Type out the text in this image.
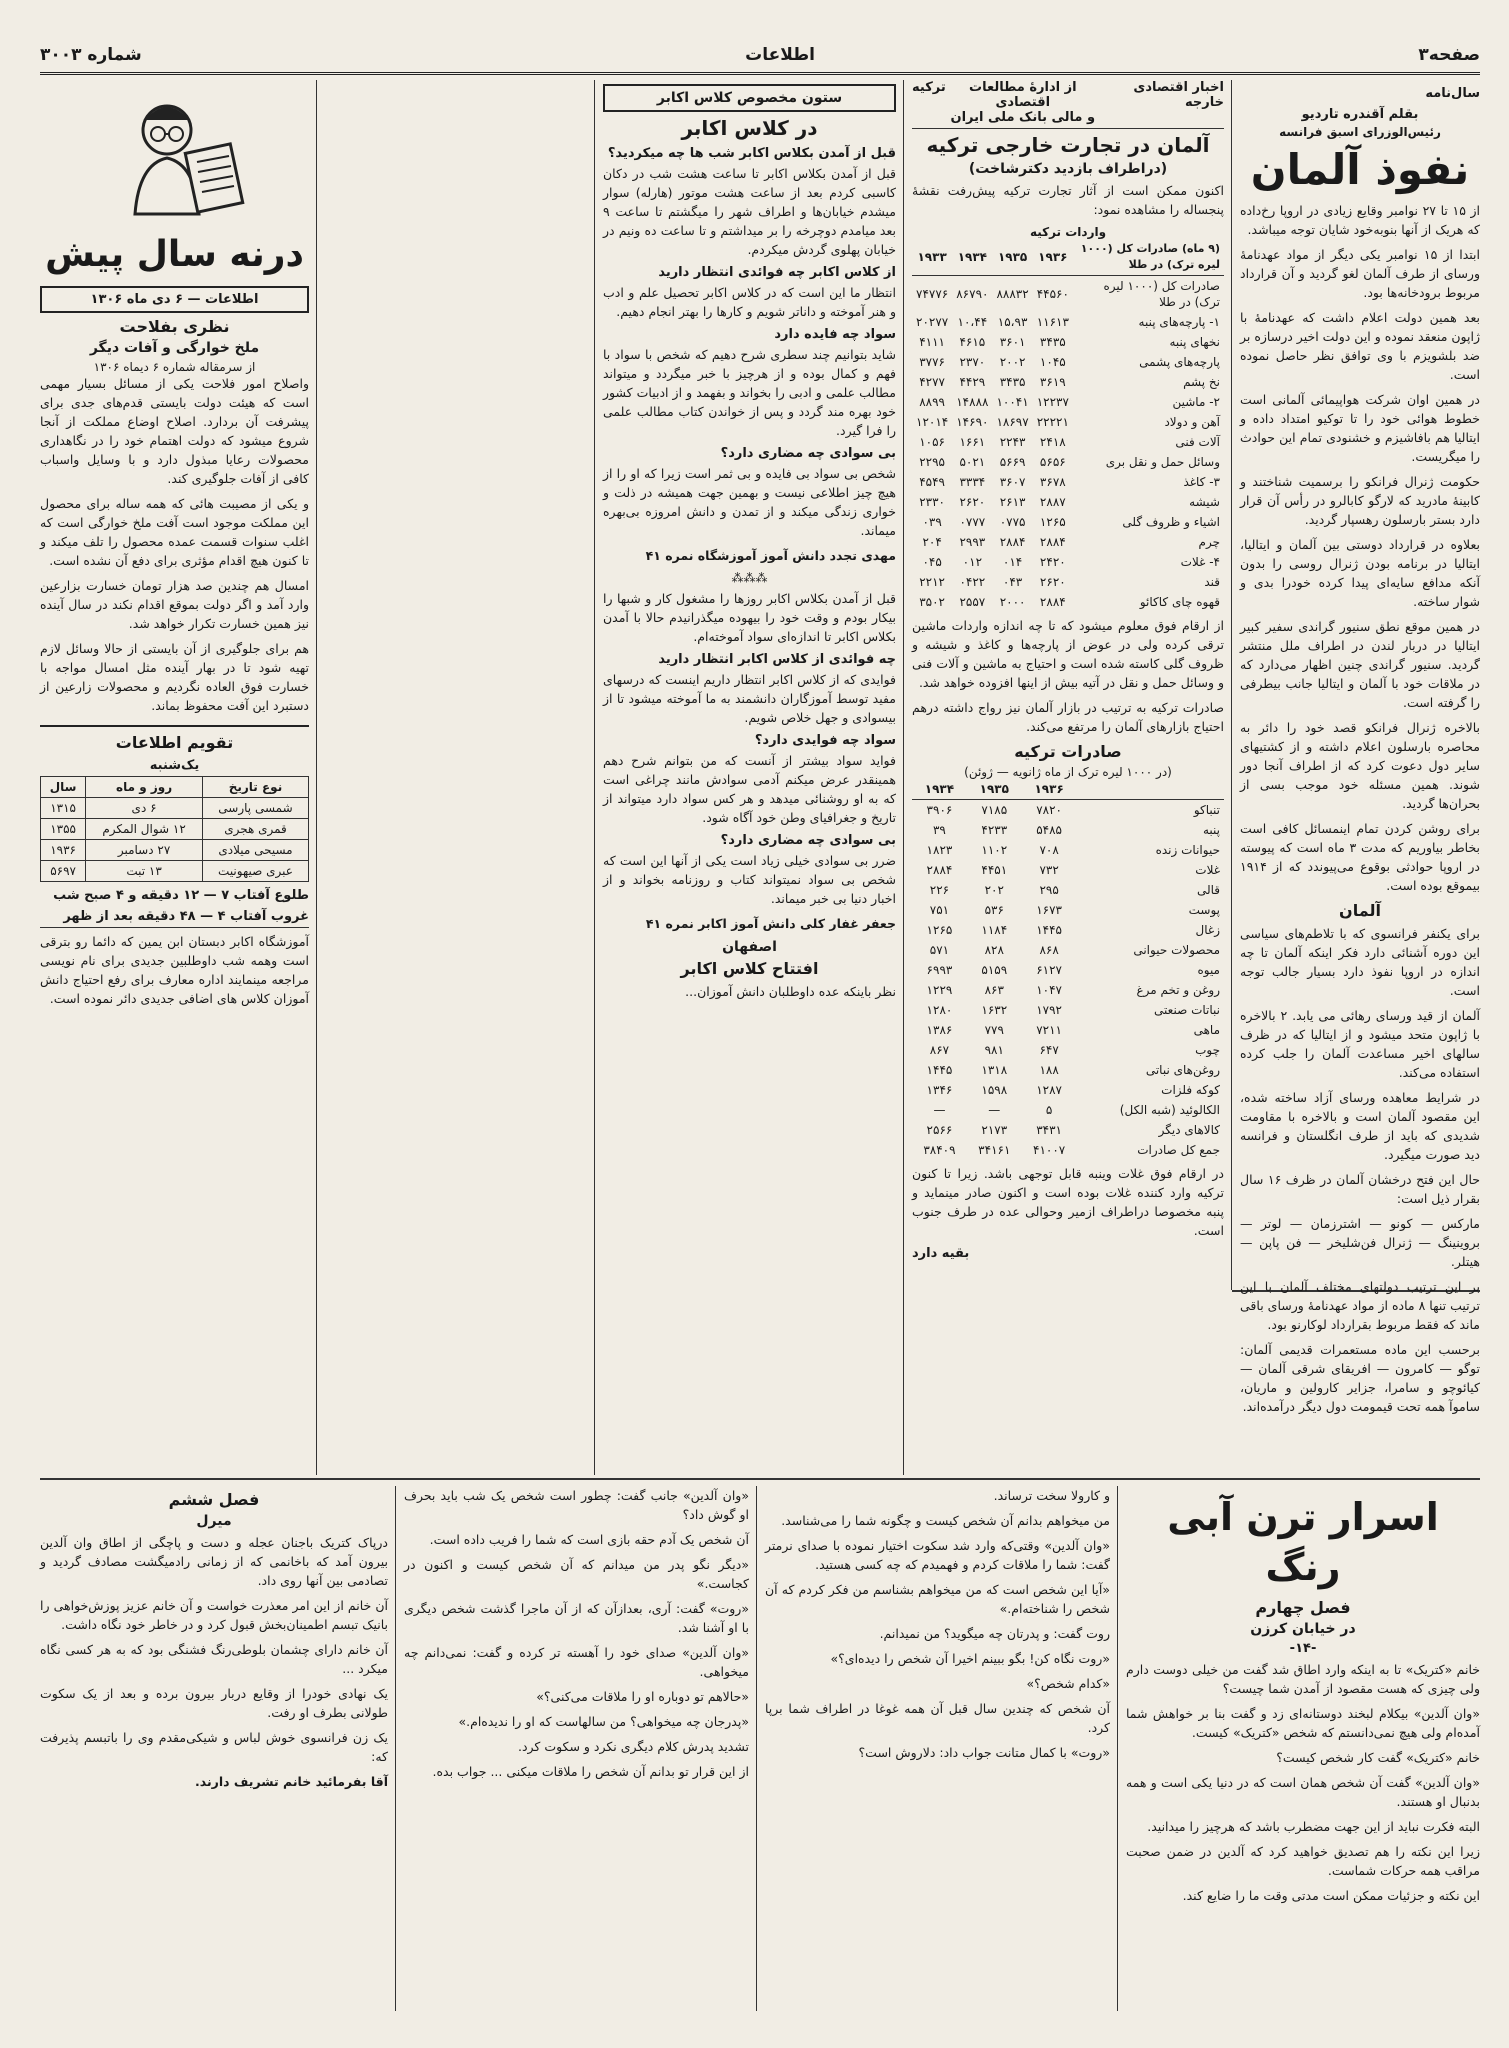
صفحه۳
اطلاعات
شماره ۳۰۰۳
سال‌نامه
بقلم آقندره تارديو
رئیس‌الوزرای اسبق فرانسه
نفوذ آلمان

از ۱۵ تا ۲۷ نوامبر وقایع زیادی در اروپا رخ‌داده که هریک از آنها بنوبه‌خود شایان توجه میباشد.

ابتدا از ۱۵ نوامبر یکی دیگر از مواد عهدنامهٔ ورسای از طرف آلمان لغو گردید و آن قرارداد مربوط برودخانه‌ها بود.

بعد همین دولت اعلام داشت که عهدنامهٔ با ژاپون منعقد نموده و این دولت اخیر درسازه بر ضد بلشویزم با وی توافق نظر حاصل نموده است.

در همین اوان شرکت هواپیمائی آلمانی است خطوط هوائی خود را تا توکیو امتداد داده و ایتالیا هم بافاشیزم و خشنودی تمام این حوادث را میگریست.

حکومت ژنرال فرانکو را برسمیت شناختند و کابینهٔ مادرید که لارگو کابالرو در رأس آن قرار دارد بستر بارسلون رهسپار گردید.

بعلاوه در قرارداد دوستی بین آلمان و ایتالیا، ایتالیا در برنامه بودن ژنرال روسی را بدون آنکه مدافع سایه‌ای پیدا کرده خودرا بدی و شوار ساخته.

در همین موقع نطق سنیور گراندی سفیر کبیر ایتالیا در دربار لندن در اطراف ملل منتشر گردید. سنیور گراندی چنین اظهار می‌دارد که در ملاقات خود با آلمان و ایتالیا جانب بیطرفی را گرفته است.

بالاخره ژنرال فرانکو قصد خود را دائر به محاصره بارسلون اعلام داشته و از کشتیهای سایر دول دعوت کرد که از اطراف آنجا دور شوند. همین مسئله خود موجب بسی از بحران‌ها گردید.

برای روشن کردن تمام اینمسائل کافی است بخاطر بیاوریم که مدت ۳ ماه است که پیوسته در اروپا حوادثی بوقوع می‌پیوندد که از ۱۹۱۴ بیموقع بوده است.

آلمان

برای یکنفر فرانسوی که با تلاطم‌های سیاسی این دوره آشنائی دارد فکر اینکه آلمان تا چه اندازه در اروپا نفوذ دارد بسیار جالب توجه است.

آلمان از قید ورسای رهائی می یابد. ۲ بالاخره با ژاپون متحد میشود و از ایتالیا که در ظرف سالهای اخیر مساعدت آلمان را جلب کرده استفاده می‌کند.

در شرایط معاهده ورسای آزاد ساخته شده، این مقصود آلمان است و بالاخره با مقاومت شدیدی که باید از طرف انگلستان و فرانسه دید صورت میگیرد.

حال این فتح درخشان آلمان در ظرف ۱۶ سال بقرار ذیل است:

مارکس — کونو — اشترزمان — لوتر — بروینینگ — ژنرال فن‌شلیخر — فن پاپن — هیتلر.

بر این ترتیب دولتهای مختلف آلمان با این ترتیب تنها ۸ ماده از مواد عهدنامهٔ ورسای باقی ماند که فقط مربوط بقرارداد لوکارنو بود.

برحسب این ماده مستعمرات قدیمی آلمان: توگو — کامرون — افریقای شرقی آلمان — کیائوچو و سامرا، جزایر کارولین و ماریان، سامو‌آ همه تحت قیمومت دول دیگر درآمده‌اند.

اخبار اقتصادی خارجه
از ادارهٔ مطالعات اقتصادی
و مالی بانک ملی ایران
ترکیه
آلمان در تجارت خارجی ترکیه
(دراطراف بازدید دکترشاخت)

اکنون ممکن است از آثار تجارت ترکیه پیش‌رفت نقشهٔ پنجساله را مشاهده نمود:

واردات ترکیه
(۹ ماه) صادرات کل (۱۰۰۰ لیره ترک) در طلا	۱۹۳۶	۱۹۳۵	۱۹۳۴	۱۹۳۳
صادرات کل (۱۰۰۰ لیره ترک) در طلا	۴۴۵۶۰	۸۸۸۳۲	۸۶۷۹۰	۷۴۷۷۶
۱- پارچه‌های پنبه	۱۱۶۱۳	۱۵،۹۳	۱۰،۴۴	۲۰۲۷۷
نخهای پنبه	۳۴۳۵	۳۶۰۱	۴۶۱۵	۴۱۱۱
پارچه‌های پشمی	۱۰۴۵	۲۰۰۲	۲۳۷۰	۳۷۷۶
نخ پشم	۳۶۱۹	۳۴۳۵	۴۴۲۹	۴۲۷۷
۲- ماشین	۱۲۲۳۷	۱۰۰۴۱	۱۴۸۸۸	۸۸۹۹
آهن و دولاد	۲۲۲۲۱	۱۸۶۹۷	۱۴۶۹۰	۱۲۰۱۴
آلات فنی	۲۴۱۸	۲۲۴۳	۱۶۶۱	۱۰۵۶
وسائل حمل و نقل بری	۵۶۵۶	۵۶۶۹	۵۰۲۱	۲۲۹۵
۳- کاغذ	۳۶۷۸	۳۶۰۷	۳۳۳۴	۴۵۴۹
شیشه	۲۸۸۷	۲۶۱۳	۲۶۲۰	۲۳۳۰
اشیاء و ظروف گلی	۱۲۶۵	۰۷۷۵	۰۷۷۷	۰۳۹
چرم	۲۸۸۴	۲۸۸۴	۲۹۹۳	۲۰۴
۴- غلات	۲۴۲۰	۰۱۴	۰۱۲	۰۴۵
قند	۲۶۲۰	۰۴۳	۰۴۲۲	۲۲۱۲
قهوه چای کاکائو	۲۸۸۴	۲۰۰۰	۲۵۵۷	۳۵۰۲

از ارقام فوق معلوم میشود که تا چه اندازه واردات ماشین ترقی کرده ولی در عوض از پارچه‌ها و کاغذ و شیشه و ظروف گلی کاسته شده است و احتیاج به ماشین و آلات فنی و وسائل حمل و نقل در آتیه بیش از اینها افزوده خواهد شد.

صادرات ترکیه به ترتیب در بازار آلمان نیز رواج داشته درهم احتیاج بازارهای آلمان را مرتفع می‌کند.

صادرات ترکیه
(در ۱۰۰۰ لیره ترک از ماه ژانویه — ژوئن)
	۱۹۳۶	۱۹۳۵	۱۹۳۴
تنباکو	۷۸۲۰	۷۱۸۵	۳۹۰۶
پنبه	۵۴۸۵	۴۲۳۳	۳۹
حیوانات زنده	۷۰۸	۱۱۰۲	۱۸۲۳
غلات	۷۳۲	۴۴۵۱	۲۸۸۴
قالی	۲۹۵	۲۰۲	۲۲۶
پوست	۱۶۷۳	۵۳۶	۷۵۱
زغال	۱۴۴۵	۱۱۸۴	۱۲۶۵
محصولات حیوانی	۸۶۸	۸۲۸	۵۷۱
میوه	۶۱۲۷	۵۱۵۹	۶۹۹۳
روغن و تخم مرغ	۱۰۴۷	۸۶۳	۱۲۲۹
نباتات صنعتی	۱۷۹۲	۱۶۳۲	۱۲۸۰
ماهی	۷۲۱۱	۷۷۹	۱۳۸۶
چوب	۶۴۷	۹۸۱	۸۶۷
روغن‌های نباتی	۱۸۸	۱۳۱۸	۱۴۴۵
کوکه فلزات	۱۲۸۷	۱۵۹۸	۱۳۴۶
الکالوئید (شبه الکل)	۵	—	—
کالاهای دیگر	۳۴۳۱	۲۱۷۳	۲۵۶۶
جمع کل صادرات	۴۱۰۰۷	۳۴۱۶۱	۳۸۴۰۹

در ارقام فوق غلات وینبه قابل توجهی باشد. زیرا تا کنون ترکیه وارد کننده غلات بوده است و اکنون صادر مینماید و پنبه مخصوصا دراطراف ازمیر وحوالی عده در طرف جنوب است.

بقیه دارد
ستون مخصوص کلاس اکابر
در کلاس اکابر
قبل از آمدن بکلاس اکابر شب ها چه میکردید؟

قبل از آمدن بکلاس اکابر تا ساعت هشت شب در دکان کاسبی کردم بعد از ساعت هشت موتور (هارله) سوار میشدم خیابان‌ها و اطراف شهر را میگشتم تا ساعت ۹ بعد میامدم دوچرخه را بر میداشتم و تا ساعت ده ونیم در خیابان پهلوی گردش میکردم.

از کلاس اکابر چه فوائدی انتظار دارید

انتظار ما این است که در کلاس اکابر تحصیل علم و ادب و هنر آموخته و داناتر شویم و کارها را بهتر انجام دهیم.

سواد چه فایده دارد

شاید بتوانیم چند سطری شرح دهیم که شخص با سواد با فهم و کمال بوده و از هرچیز با خبر میگردد و میتواند مطالب علمی و ادبی را بخواند و بفهمد و از ادبیات کشور خود بهره مند گردد و پس از خواندن کتاب مطالب علمی را فرا گیرد.

بی سوادی چه مضاری دارد؟

شخص بی سواد بی فایده و بی ثمر است زیرا که او را از هیچ چیز اطلاعی نیست و بهمین جهت همیشه در ذلت و خواری زندگی میکند و از تمدن و دانش امروزه بی‌بهره میماند.

مهدی تجدد دانش آموز آموزشگاه نمره ۴۱

⁂⁂⁂

قبل از آمدن بکلاس اکابر روزها را مشغول کار و شبها را بیکار بودم و وقت خود را بیهوده میگذرانیدم حالا با آمدن بکلاس اکابر تا اندازه‌ای سواد آموخته‌ام.

چه فوائدی از کلاس اکابر انتظار دارید

فوایدی که از کلاس اکابر انتظار داریم اینست که درسهای مفید توسط آموزگاران دانشمند به ما آموخته میشود تا از بیسوادی و جهل خلاص شویم.

سواد چه فوایدی دارد؟

فواید سواد بیشتر از آنست که من بتوانم شرح دهم همینقدر عرض میکنم آدمی سوادش مانند چراغی است که به او روشنائی میدهد و هر کس سواد دارد میتواند از تاریخ و جغرافیای وطن خود آگاه شود.

بی سوادی چه مضاری دارد؟

ضرر بی سوادی خیلی زیاد است یکی از آنها این است که شخص بی سواد نمیتواند کتاب و روزنامه بخواند و از اخبار دنیا بی خبر میماند.

جعفر غفار کلی دانش آموز اکابر نمره ۴۱

اصفهان
افتتاح کلاس اکابر

نظر باینکه عده داوطلبان دانش آموزان...

درنه سال پیش
اطلاعات — ۶ دی ماه ۱۳۰۶
نظری بفلاحت
ملخ خوارگی و آفات دیگر
از سرمقاله شماره ۶ دیماه ۱۳۰۶

واصلاح امور فلاحت یکی از مسائل بسیار مهمی است که هیئت دولت بایستی قدم‌های جدی برای پیشرفت آن بردارد. اصلاح اوضاع مملکت از آنجا شروع میشود که دولت اهتمام خود را در نگاهداری محصولات رعایا مبذول دارد و با وسایل واسباب کافی از آفات جلوگیری کند.

و یکی از مصیبت هائی که همه ساله برای محصول این مملکت موجود است آفت ملخ خوارگی است که اغلب سنوات قسمت عمده محصول را تلف میکند و تا کنون هیچ اقدام مؤثری برای دفع آن نشده است.

امسال هم چندین صد هزار تومان خسارت بزارعین وارد آمد و اگر دولت بموقع اقدام نکند در سال آینده نیز همین خسارت تکرار خواهد شد.

هم برای جلوگیری از آن بایستی از حالا وسائل لازم تهیه شود تا در بهار آینده مثل امسال مواجه با خسارت فوق العاده نگردیم و محصولات زارعین از دستبرد این آفت محفوظ بماند.

تقویم اطلاعات
یک‌شنبه
نوع تاریخ	روز و ماه	سال
شمسی پارسی	۶ دی	۱۳۱۵
قمری هجری	۱۲ شوال المکرم	۱۳۵۵
مسیحی میلادی	۲۷ دسامبر	۱۹۳۶
عبری صیهونیت	۱۳ تبت	۵۶۹۷
طلوع آفتاب ۷ — ۱۲ دقیقه و ۴ صبح شب
غروب آفتاب ۴ — ۴۸ دقیقه بعد از ظهر

آموزشگاه اکابر دبستان ابن یمین که دائما رو بترقی است وهمه شب داوطلبین جدیدی برای نام نویسی مراجعه مینمایند اداره معارف برای رفع احتیاج دانش آموزان کلاس های اضافی جدیدی دائر نموده است.

اسرار ترن آبی رنگ
فصل چهارم
در خیابان کرزن
-۱۴-

خانم «کتریک» تا به اینکه وارد اطاق شد گفت من خیلی دوست دارم ولی چیزی که هست مقصود از آمدن شما چیست؟

«وان آلدین» بیکلام لبخند دوستانه‌ای زد و گفت بنا بر خواهش شما آمده‌ام ولی هیچ نمی‌دانستم که شخص «کتریک» کیست.

خانم «کتریک» گفت کار شخص کیست؟

«وان آلدین» گفت آن شخص همان است که در دنیا یکی است و همه بدنبال او هستند.

البته فکرت نباید از این جهت مضطرب باشد که هرچیز را میدانید.

زیرا این نکته را هم تصدیق خواهید کرد که آلدین در ضمن صحبت مراقب همه حرکات شماست.

این نکته و جزئیات ممکن است مدتی وقت ما را ضایع کند.

و کارولا سخت ترساند.

من میخواهم بدانم آن شخص کیست و چگونه شما را می‌شناسد.

«وان آلدین» وقتی‌که وارد شد سکوت اختیار نموده با صدای نرمتر گفت: شما را ملاقات کردم و فهمیدم که چه کسی هستید.

«آیا این شخص است که من میخواهم بشناسم من فکر کردم که آن شخص را شناخته‌ام.»

روت گفت: و پدرتان چه میگوید؟ من نمیدانم.

«روت نگاه کن! بگو ببینم اخیرا آن شخص را دیده‌ای؟»

«کدام شخص؟»

آن شخص که چندین سال قبل آن همه غوغا در اطراف شما برپا کرد.

«روت» با کمال متانت جواب داد: دلاروش است؟

«وان آلدین» جانب گفت: چطور است شخص یک شب باید بحرف او گوش داد؟

آن شخص یک آدم حقه بازی است که شما را فریب داده است.

«دیگر نگو پدر من میدانم که آن شخص کیست و اکنون در کجاست.»

«روت» گفت: آری، بعدازآن که از آن ماجرا گذشت شخص دیگری با او آشنا شد.

«وان آلدین» صدای خود را آهسته تر کرده و گفت: نمی‌دانم چه میخواهی.

«حالاهم تو دوباره او را ملاقات می‌کنی؟»

«پدرجان چه میخواهی؟ من سالهاست که او را ندیده‌ام.»

تشدید پدرش کلام دیگری نکرد و سکوت کرد.

از این قرار تو بدانم آن شخص را ملاقات میکنی ... جواب بده.

فصل ششم
میرل

درپاک کتریک باجنان عجله و دست و پاچگی از اطاق وان آلدین بیرون آمد که باخانمی که از زمانی رادمیگشت مصادف گردید و تصادمی بین آنها روی داد.

آن خانم از این امر معذرت خواست و آن خانم عزیز پوزش‌خواهی را بانیک تبسم اطمینان‌بخش قبول کرد و در خاطر خود نگاه داشت.

آن خانم دارای چشمان بلوطی‌رنگ فشنگی بود که به هر کسی نگاه میکرد ...

یک نهادی خودرا از وقایع دربار بیرون برده و بعد از یک سکوت طولانی بطرف او رفت.

یک زن فرانسوی خوش لباس و شیکی‌مقدم وی را باتبسم پذیرفت که:

آقا بفرمائید خانم تشریف دارند.
